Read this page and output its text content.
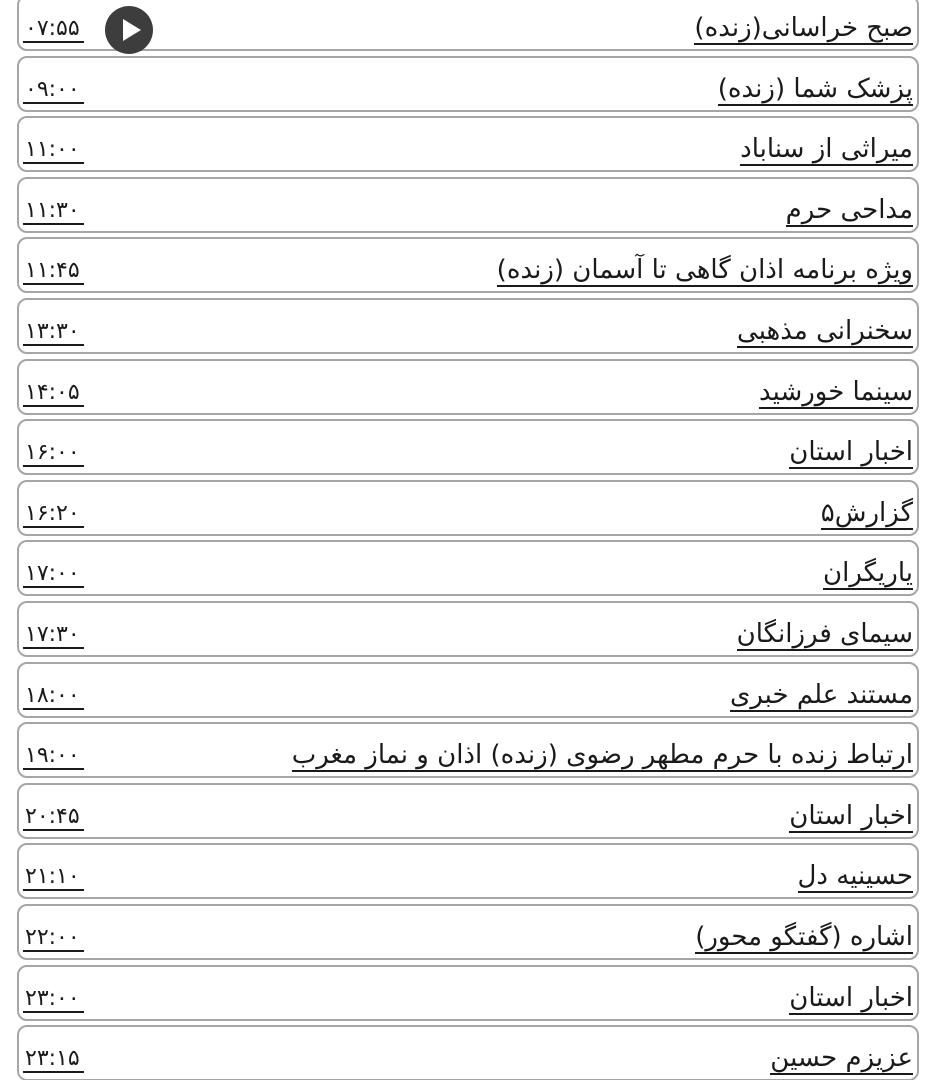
صبح خراسانی(زنده)
۰۷:۵۵
پزشک شما (زنده)
۰۹:۰۰
میراثی از سناباد
۱۱:۰۰
مداحی حرم
۱۱:۳۰
ویژه برنامه اذان گاهی تا آسمان (زنده)
۱۱:۴۵
سخنرانی مذهبی
۱۳:۳۰
سینما خورشید
۱۴:۰۵
اخبار استان
۱۶:۰۰
گزارش۵
۱۶:۲۰
یاریگران
۱۷:۰۰
سیمای فرزانگان
۱۷:۳۰
مستند علم خبری
۱۸:۰۰
ارتباط زنده با حرم مطهر رضوی (زنده) اذان و نماز مغرب
۱۹:۰۰
اخبار استان
۲۰:۴۵
حسینیه دل
۲۱:۱۰
اشاره (گفتگو محور)
۲۲:۰۰
اخبار استان
۲۳:۰۰
عزیزم حسین
۲۳:۱۵
